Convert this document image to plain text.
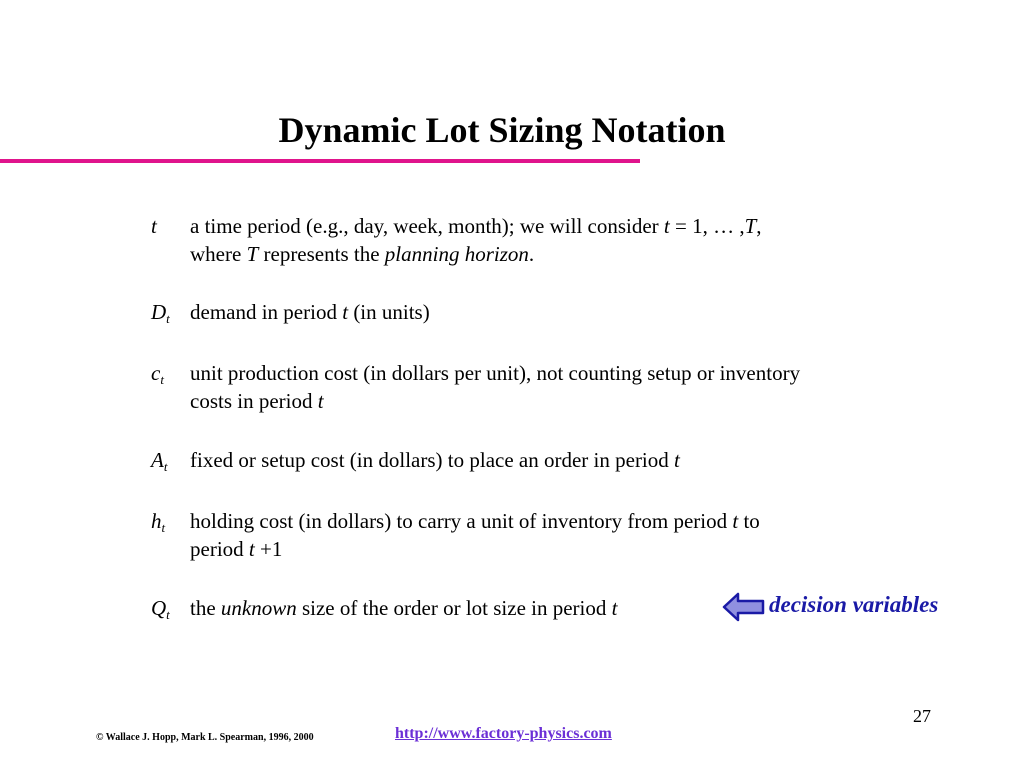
Dynamic Lot Sizing Notation
t a time period (e.g., day, week, month); we will consider t = 1, … ,T,
where T represents the planning horizon.
$D_t$ demand in period t (in units)
$c_t$ unit production cost (in dollars per unit), not counting setup or inventory
costs in period t
$A_t$ fixed or setup cost (in dollars) to place an order in period t
$h_t$ holding cost (in dollars) to carry a unit of inventory from period t to
period t +1
$Q_t$ the unknown size of the order or lot size in period t	decision variables
27
© Wallace J. Hopp, Mark L. Spearman, 1996, 2000	http://www.factory-physics.com
